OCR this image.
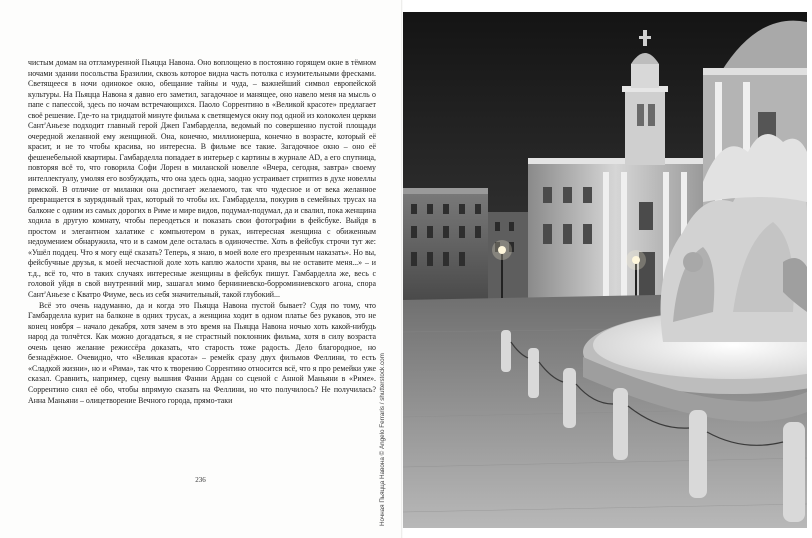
чистым домам на отгламуренной Пьяцца Навона. Оно воплощено в постоянно горящем окне в тёмном ночами здании посольства Бразилии, сквозь которое видна часть потолка с изумительными фресками. Светящееся в ночи одинокое окно, обещание тайны и чуда, – важнейший символ европейской культуры. На Пьяцца Навона я давно его заметил, загадочное и манящее, оно навело меня на мысль о папе с папессой, здесь по ночам встречающихся. Паоло Соррентино в «Великой красоте» предлагает своё решение. Где-то на тридцатой минуте фильма к светящемуся окну под одной из колоколен церкви Сант'Аньезе подходит главный герой Джеп Гамбарделла, ведомый по совершенно пустой площади очередной желанной ему женщиной. Она, конечно, миллионерша, конечно в возрасте, который её красит, и не то чтобы красива, но интересна. В фильме все такие. Загадочное окно – оно её фешенебельной квартиры. Гамбарделла попадает в интерьер с картины в журнале AD, а его спутница, повторяя всё то, что говорила Софи Лорен в миланской новелле «Вчера, сегодня, завтра» своему интеллектуалу, умоляя его возбуждать, что она здесь одна, заодно устраивает стриптиз в духе новеллы римской. В отличие от миланки она достигает желаемого, так что чудесное и от века желанное превращается в зауряднный трах, который то чтобы их. Гамбарделла, покурив в семейных трусах на балконе с одним из самых дорогих в Риме и мире видов, подумал-подумал, да и свалил, пока женщина ходила в другую комнату, чтобы переодеться и показать свои фотографии в фейсбуке. Выйдя в простом и элегантном халатике с компьютером в руках, интересная женщина с обиженным недоумением обнаружила, что и в самом деле осталась в одиночестве. Хоть в фейсбук строчи тут же: «Ушёл поддец. Что я могу ещё сказать? Теперь, я знаю, в моей воле его презренным наказать». Но вы, фейсбучные друзья, к моей несчастной доле хоть каплю жалости храня, вы не оставите меня...» – и т.д., всё то, что в таких случаях интересные женщины в фейсбук пишут. Гамбарделла же, весь с головой уйдя в свой внутренний мир, зашагал мимо берниниевско-борроминиевского агона, спора Сант'Аньезе с Кватро Фиуме, весь из себя значительный, такой глубокий...

Всё это очень надуманно, да и когда это Пьяцца Навона пустой бывает? Судя по тому, что Гамбарделла курит на балконе в одних трусах, а женщина ходит в одном платье без рукавов, это не конец ноября – начало декабря, хотя зачем в это время на Пьяцца Навона ночью хоть какой-нибудь народ да толчётся. Как можно догадаться, я не страстный поклонник фильма, хотя в силу возраста очень ценю желание режиссёра доказать, что старость тоже радость. Дело благородное, но безнадёжное. Очевидно, что «Великая красота» – ремейк сразу двух фильмов Феллини, то есть «Сладкой жизни», но и «Рима», так что к творению Соррентино относится всё, что я про ремейки уже сказал. Сравнить, например, сцену вышния Фанни Ардан со сценой с Анной Маньяни в «Риме». Соррентино снял её обо, чтобы впрямую сказать на Феллини, но что получилось? Не получилась? Анна Маньяни – олицетворение Вечного города, прямо-таки

236	Ночная Пьяцца Навона © Angelo Ferraris / shutterstock.com
